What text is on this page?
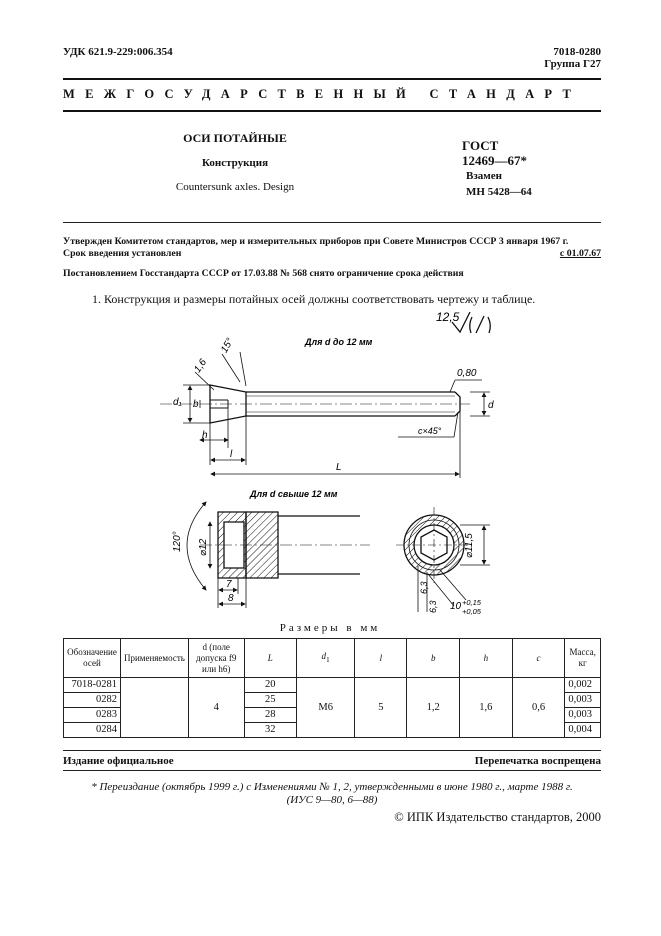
УДК 621.9-229:006.354	7018-0280
Группа Г27
МЕЖГОСУДАРСТВЕННЫЙ СТАНДАРТ
ОСИ ПОТАЙНЫЕ
Конструкция
Countersunk axles. Design
ГОСТ
12469—67*
Взамен
МН 5428—64
Утвержден Комитетом стандартов, мер и измерительных приборов при Совете Министров СССР 3 января 1967 г.
Срок введения установлен	с 01.07.67
Постановлением Госстандарта СССР от 17.03.88 № 568 снято ограничение срока действия
1. Конструкция и размеры потайных осей должны соответствовать чертежу и таблице.
12,5
Для d до 12 мм
15°
1,6	0,80
d₁ b	d
h
l
L
c×45°
Для d свыше 12 мм
120° ⌀12
7
8
⌀11,5
6,3
6,3 10 +0,15
+0,05
Размеры в мм
Обозначение осей	Применяемость	d (поле допуска f9 или h6)	L	$d_1$	l	b	h	c	Масса, кг
7018-0281		4	20	M6	5	1,2	1,6	0,6	0,002
0282			25						0,003
0283			28						0,003
0284			32						0,004
Издание официальное	Перепечатка воспрещена
* Переиздание (октябрь 1999 г.) с Изменениями № 1, 2, утвержденными в июне 1980 г., марте 1988 г.
(ИУС 9—80, 6—88)
© ИПК Издательство стандартов, 2000
